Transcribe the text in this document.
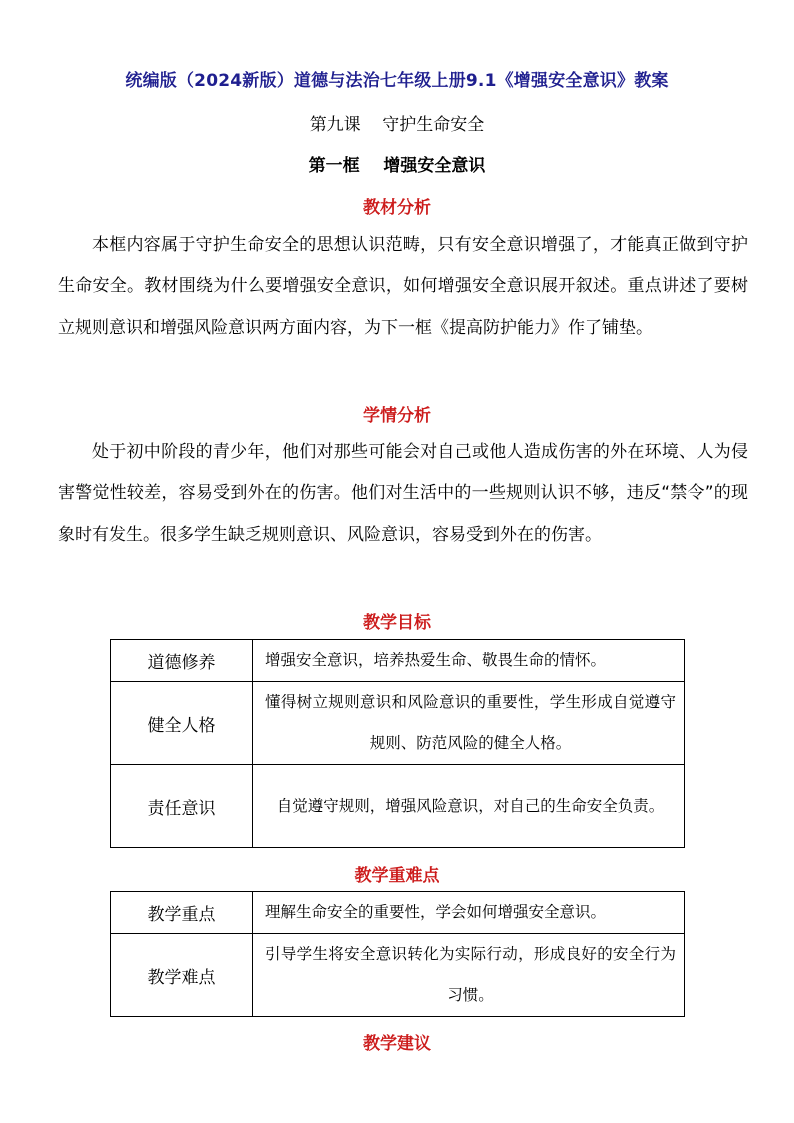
统编版（2024新版）道德与法治七年级上册9.1《增强安全意识》教案
第九课    守护生命安全
第一框    增强安全意识
教材分析

本框内容属于守护生命安全的思想认识范畴，只有安全意识增强了，才能真正做到守护生命安全。教材围绕为什么要增强安全意识，如何增强安全意识展开叙述。重点讲述了要树立规则意识和增强风险意识两方面内容，为下一框《提高防护能力》作了铺垫。

学情分析

处于初中阶段的青少年，他们对那些可能会对自己或他人造成伤害的外在环境、人为侵害警觉性较差，容易受到外在的伤害。他们对生活中的一些规则认识不够，违反“禁令”的现象时有发生。很多学生缺乏规则意识、风险意识，容易受到外在的伤害。

教学目标
道德修养	增强安全意识，培养热爱生命、敬畏生命的情怀。
健全人格	懂得树立规则意识和风险意识的重要性，学生形成自觉遵守规则、防范风险的健全人格。
责任意识	自觉遵守规则，增强风险意识，对自己的生命安全负责。
教学重难点
教学重点	理解生命安全的重要性，学会如何增强安全意识。
教学难点	引导学生将安全意识转化为实际行动，形成良好的安全行为习惯。
教学建议
